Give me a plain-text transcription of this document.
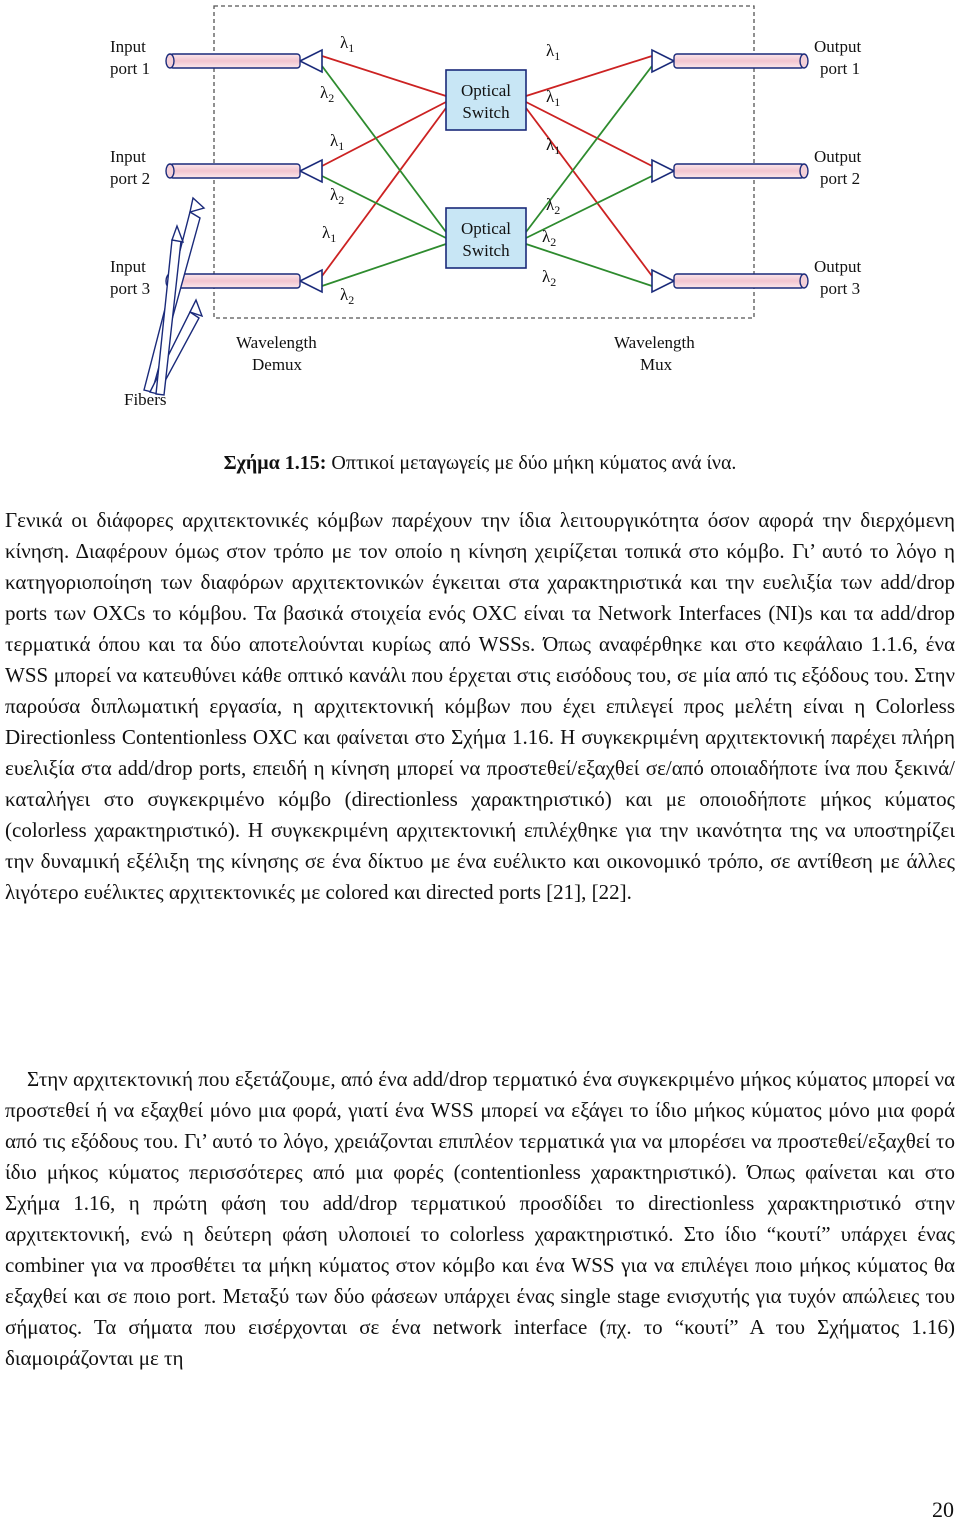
Optical Switch
Optical Switch
Input port 1
Input port 2
Input port 3
Output port 1
Output port 2
Output port 3
$\lambda_1$
$\lambda_2$
$\lambda_1$
$\lambda_2$
$\lambda_1$
$\lambda_2$
$\lambda_1$
$\lambda_1$
$\lambda_1$
$\lambda_2$
$\lambda_2$
$\lambda_2$
Wavelength Demux
Wavelength Mux
Fibers
Σχήμα 1.15: Οπτικοί μεταγωγείς με δύο μήκη κύματος ανά ίνα.

Γενικά οι διάφορες αρχιτεκτονικές κόμβων παρέχουν την ίδια λειτουργικότητα όσον αφορά την διερχόμενη κίνηση. Διαφέρουν όμως στον τρόπο με τον οποίο η κίνηση χειρίζεται τοπικά στο κόμβο. Γι’ αυτό το λόγο η κατηγοριοποίηση των διαφόρων αρχιτεκτονικών έγκειται στα χαρακτηριστικά και την ευελιξία των add/drop ports των OXCs το κόμβου. Τα βασικά στοιχεία ενός OXC είναι τα Network Interfaces (NI)s και τα add/drop τερματικά όπου και τα δύο αποτελούνται κυρίως από WSSs. Όπως αναφέρθηκε και στο κεφάλαιο 1.1.6, ένα WSS μπορεί να κατευθύνει κάθε οπτικό κανάλι που έρχεται στις εισόδους του, σε μία από τις εξόδους του. Στην παρούσα διπλωματική εργασία, η αρχιτεκτονική κόμβων που έχει επιλεγεί προς μελέτη είναι η Colorless Directionless Contentionless OXC και φαίνεται στο Σχήμα 1.16. Η συγκεκριμένη αρχιτεκτονική παρέχει πλήρη ευελιξία στα add/drop ports, επειδή η κίνηση μπορεί να προστεθεί/εξαχθεί σε/από οποιαδήποτε ίνα που ξεκινά/καταλήγει στο συγκεκριμένο κόμβο (directionless χαρακτηριστικό) και με οποιοδήποτε μήκος κύματος (colorless χαρακτηριστικό). Η συγκεκριμένη αρχιτεκτονική επιλέχθηκε για την ικανότητα της να υποστηρίζει την δυναμική εξέλιξη της κίνησης σε ένα δίκτυο με ένα ευέλικτο και οικονομικό τρόπο, σε αντίθεση με άλλες λιγότερο ευέλικτες αρχιτεκτονικές με colored και directed ports [21], [22].

Στην αρχιτεκτονική που εξετάζουμε, από ένα add/drop τερματικό ένα συγκεκριμένο μήκος κύματος μπορεί να προστεθεί ή να εξαχθεί μόνο μια φορά, γιατί ένα WSS μπορεί να εξάγει το ίδιο μήκος κύματος μόνο μια φορά από τις εξόδους του. Γι’ αυτό το λόγο, χρειάζονται επιπλέον τερματικά για να μπορέσει να προστεθεί/εξαχθεί το ίδιο μήκος κύματος περισσότερες από μια φορές (contentionless χαρακτηριστικό). Όπως φαίνεται και στο Σχήμα 1.16, η πρώτη φάση του add/drop τερματικού προσδίδει το directionless χαρακτηριστικό στην αρχιτεκτονική, ενώ η δεύτερη φάση υλοποιεί το colorless χαρακτηριστικό. Στο ίδιο “κουτί” υπάρχει ένας combiner για να προσθέτει τα μήκη κύματος στον κόμβο και ένα WSS για να επιλέγει ποιο μήκος κύματος θα εξαχθεί και σε ποιο port. Μεταξύ των δύο φάσεων υπάρχει ένας single stage ενισχυτής για τυχόν απώλειες του σήματος. Τα σήματα που εισέρχονται σε ένα network interface (πχ. το “κουτί” Α του Σχήματος 1.16) διαμοιράζονται με τη

20
